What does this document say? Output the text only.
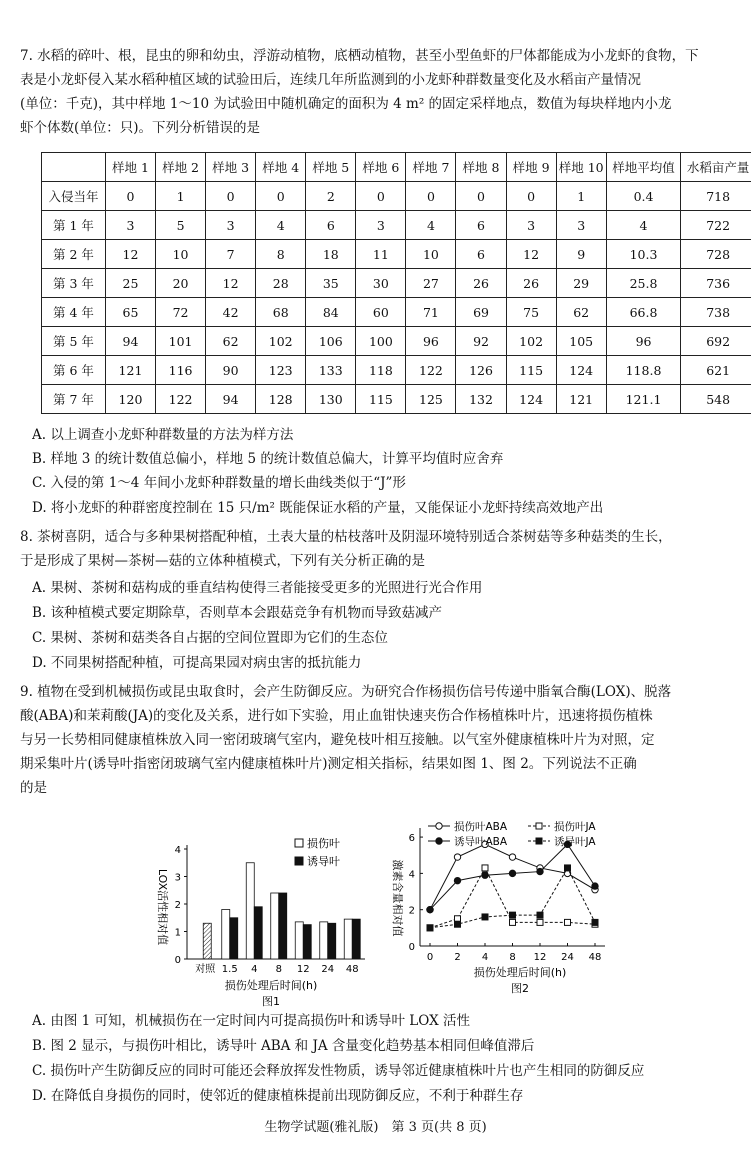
7. 水稻的碎叶、根，昆虫的卵和幼虫，浮游动植物，底栖动植物，甚至小型鱼虾的尸体都能成为小龙虾的食物，下
表是小龙虾侵入某水稻种植区域的试验田后，连续几年所监测到的小龙虾种群数量变化及水稻亩产量情况
(单位：千克)，其中样地 1～10 为试验田中随机确定的面积为 4 m² 的固定采样地点，数值为每块样地内小龙
虾个体数(单位：只)。下列分析错误的是
	样地 1	样地 2	样地 3	样地 4	样地 5	样地 6	样地 7	样地 8	样地 9	样地 10	样地平均值	水稻亩产量
入侵当年	0	1	0	0	2	0	0	0	0	1	0.4	718
第 1 年	3	5	3	4	6	3	4	6	3	3	4	722
第 2 年	12	10	7	8	18	11	10	6	12	9	10.3	728
第 3 年	25	20	12	28	35	30	27	26	26	29	25.8	736
第 4 年	65	72	42	68	84	60	71	69	75	62	66.8	738
第 5 年	94	101	62	102	106	100	96	92	102	105	96	692
第 6 年	121	116	90	123	133	118	122	126	115	124	118.8	621
第 7 年	120	122	94	128	130	115	125	132	124	121	121.1	548
A. 以上调查小龙虾种群数量的方法为样方法
B. 样地 3 的统计数值总偏小，样地 5 的统计数值总偏大，计算平均值时应舍弃
C. 入侵的第 1～4 年间小龙虾种群数量的增长曲线类似于“J”形
D. 将小龙虾的种群密度控制在 15 只/m² 既能保证水稻的产量，又能保证小龙虾持续高效地产出
8. 茶树喜阴，适合与多种果树搭配种植，土表大量的枯枝落叶及阴湿环境特别适合茶树菇等多种菇类的生长，
于是形成了果树—茶树—菇的立体种植模式，下列有关分析正确的是
A. 果树、茶树和菇构成的垂直结构使得三者能接受更多的光照进行光合作用
B. 该种植模式要定期除草，否则草本会跟菇竞争有机物而导致菇减产
C. 果树、茶树和菇类各自占据的空间位置即为它们的生态位
D. 不同果树搭配种植，可提高果园对病虫害的抵抗能力
9. 植物在受到机械损伤或昆虫取食时，会产生防御反应。为研究合作杨损伤信号传递中脂氧合酶(LOX)、脱落
酸(ABA)和茉莉酸(JA)的变化及关系，进行如下实验，用止血钳快速夹伤合作杨植株叶片，迅速将损伤植株
与另一长势相同健康植株放入同一密闭玻璃气室内，避免枝叶相互接触。以气室外健康植株叶片为对照，定
期采集叶片(诱导叶指密闭玻璃气室内健康植株叶片)测定相关指标，结果如图 1、图 2。下列说法不正确
的是
LOX活性相对值
0
1
2
3
4
对照 1.5 4 8 12 24 48
损伤叶
诱导叶
损伤处理后时间(h)
图1
激素含量相对值
0
2
4
6
0 2 4 8 12 24 48
损伤叶ABA
诱导叶ABA
损伤叶JA
诱导叶JA
损伤处理后时间(h)
图2
A. 由图 1 可知，机械损伤在一定时间内可提高损伤叶和诱导叶 LOX 活性
B. 图 2 显示，与损伤叶相比，诱导叶 ABA 和 JA 含量变化趋势基本相同但峰值滞后
C. 损伤叶产生防御反应的同时可能还会释放挥发性物质，诱导邻近健康植株叶片也产生相同的防御反应
D. 在降低自身损伤的同时，使邻近的健康植株提前出现防御反应，不利于种群生存
生物学试题(雅礼版)　第 3 页(共 8 页)
